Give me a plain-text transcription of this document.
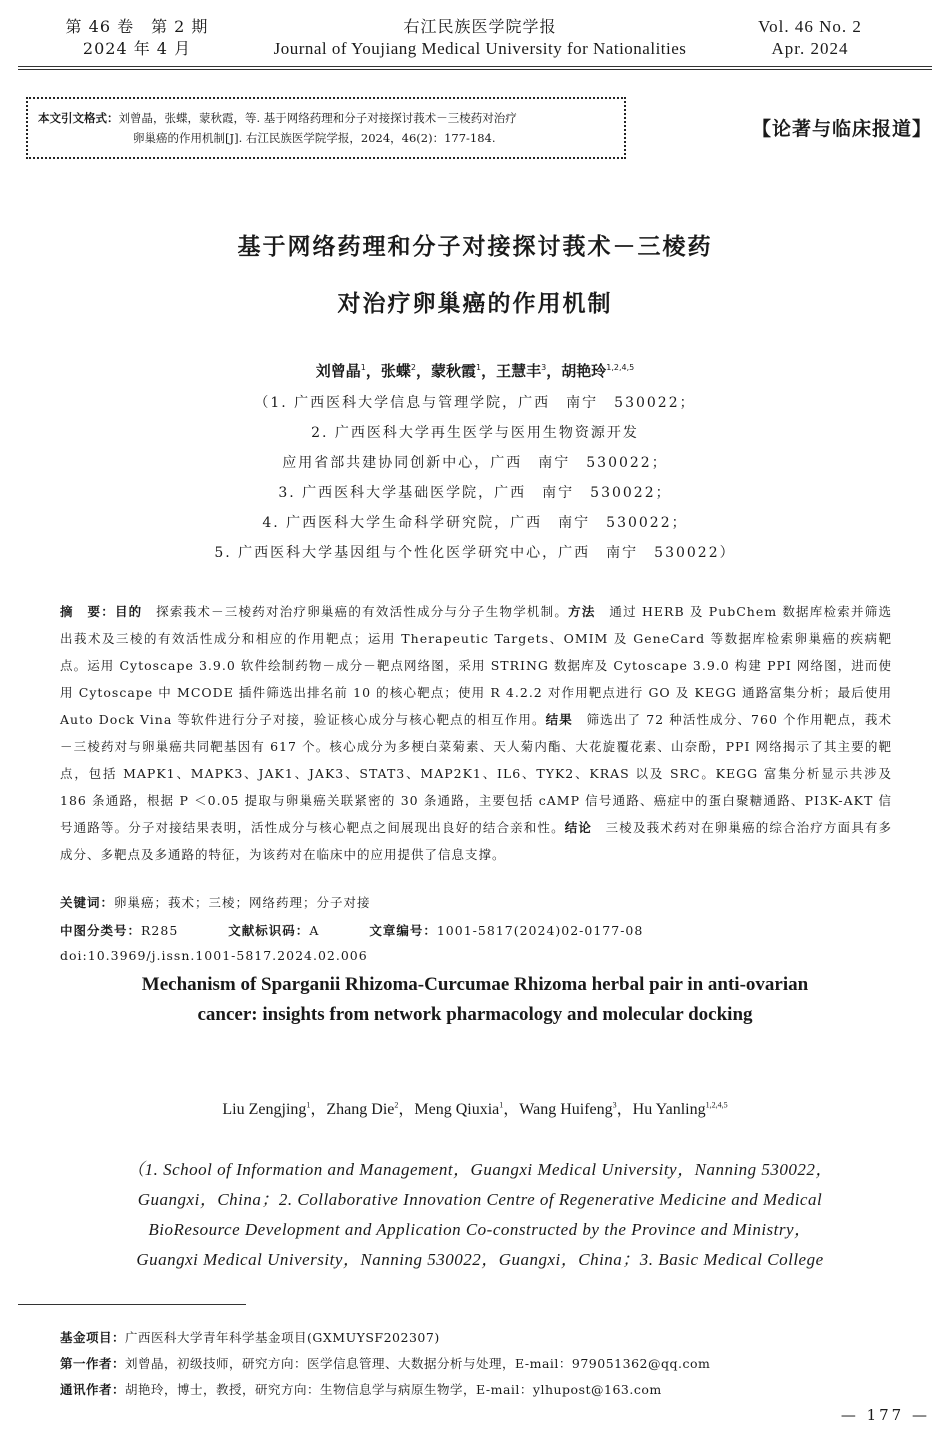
第 46 卷　第 2 期
2024 年 4 月
右江民族医学院学报
Journal of Youjiang Medical University for Nationalities
Vol. 46 No. 2
Apr. 2024
本文引文格式：刘曾晶，张蝶，蒙秋霞，等. 基于网络药理和分子对接探讨莪术－三棱药对治疗
卵巢癌的作用机制[J]. 右江民族医学院学报，2024，46(2)：177-184.	【论著与临床报道】
基于网络药理和分子对接探讨莪术－三棱药
对治疗卵巢癌的作用机制
刘曾晶$^1$，张蝶$^2$，蒙秋霞$^1$，王慧丰$^3$，胡艳玲$^{1,2,4,5}$
（1. 广西医科大学信息与管理学院，广西　南宁　530022；
2. 广西医科大学再生医学与医用生物资源开发
应用省部共建协同创新中心，广西　南宁　530022；
3. 广西医科大学基础医学院，广西　南宁　530022；
4. 广西医科大学生命科学研究院，广西　南宁　530022；
5. 广西医科大学基因组与个性化医学研究中心，广西　南宁　530022）
摘　要：目的　探索莪术－三棱药对治疗卵巢癌的有效活性成分与分子生物学机制。方法　通过 HERB 及 PubChem 数据库检索并筛选出莪术及三棱的有效活性成分和相应的作用靶点；运用 Therapeutic Targets、OMIM 及 GeneCard 等数据库检索卵巢癌的疾病靶点。运用 Cytoscape 3.9.0 软件绘制药物－成分－靶点网络图，采用 STRING 数据库及 Cytoscape 3.9.0 构建 PPI 网络图，进而使用 Cytoscape 中 MCODE 插件筛选出排名前 10 的核心靶点；使用 R 4.2.2 对作用靶点进行 GO 及 KEGG 通路富集分析；最后使用 Auto Dock Vina 等软件进行分子对接，验证核心成分与核心靶点的相互作用。结果　筛选出了 72 种活性成分、760 个作用靶点，莪术－三棱药对与卵巢癌共同靶基因有 617 个。核心成分为多梗白菜菊素、天人菊内酯、大花旋覆花素、山奈酚，PPI 网络揭示了其主要的靶点，包括 MAPK1、MAPK3、JAK1、JAK3、STAT3、MAP2K1、IL6、TYK2、KRAS 以及 SRC。KEGG 富集分析显示共涉及 186 条通路，根据 P ＜0.05 提取与卵巢癌关联紧密的 30 条通路，主要包括 cAMP 信号通路、癌症中的蛋白聚糖通路、PI3K-AKT 信号通路等。分子对接结果表明，活性成分与核心靶点之间展现出良好的结合亲和性。结论　三棱及莪术药对在卵巢癌的综合治疗方面具有多成分、多靶点及多通路的特征，为该药对在临床中的应用提供了信息支撑。
关键词：卵巢癌；莪术；三棱；网络药理；分子对接
中图分类号：R285	文献标识码：A	文章编号：1001-5817(2024)02-0177-08
doi:10.3969/j.issn.1001-5817.2024.02.006
Mechanism of Sparganii Rhizoma-Curcumae Rhizoma herbal pair in anti-ovarian
cancer: insights from network pharmacology and molecular docking
Liu Zengjing$^1$，Zhang Die$^2$，Meng Qiuxia$^1$，Wang Huifeng$^3$，Hu Yanling$^{1,2,4,5}$
（1. School of Information and Management，Guangxi Medical University，Nanning 530022，
Guangxi，China；2. Collaborative Innovation Centre of Regenerative Medicine and Medical
BioResource Development and Application Co-constructed by the Province and Ministry，
Guangxi Medical University，Nanning 530022，Guangxi，China；3. Basic Medical College
基金项目：广西医科大学青年科学基金项目(GXMUYSF202307)
第一作者：刘曾晶，初级技师，研究方向：医学信息管理、大数据分析与处理，E-mail：979051362@qq.com
通讯作者：胡艳玲，博士，教授，研究方向：生物信息学与病原生物学，E-mail：ylhupost@163.com
— 177 —
